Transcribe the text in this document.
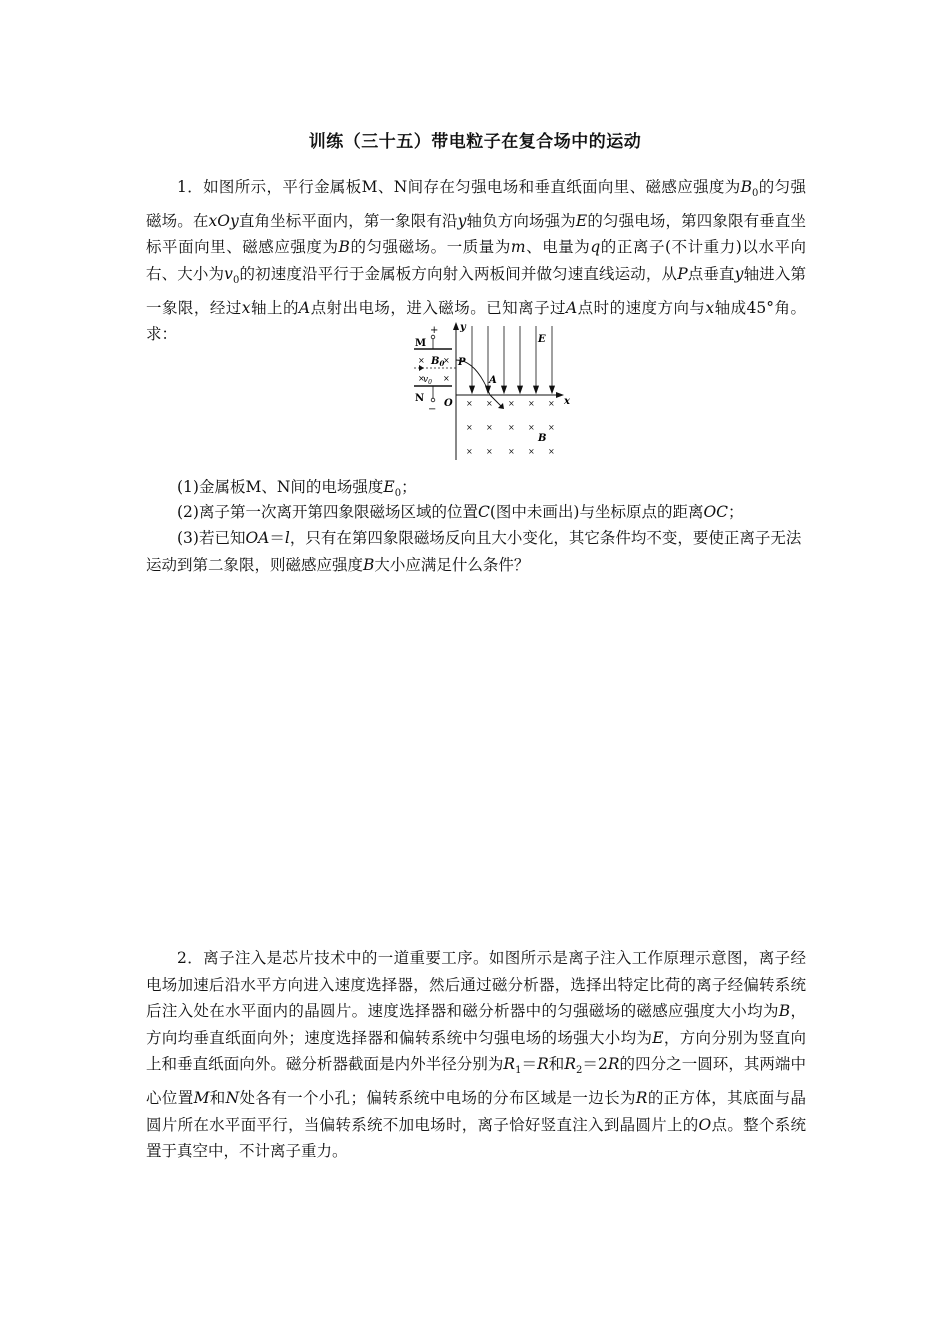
训练（三十五）带电粒子在复合场中的运动
1．如图所示，平行金属板M、N间存在匀强电场和垂直纸面向里、磁感应强度为$B_0$的匀强磁场。在xOy直角坐标平面内，第一象限有沿y轴负方向场强为E的匀强电场，第四象限有垂直坐标平面向里、磁感应强度为B的匀强磁场。一质量为m、电量为q的正离子(不计重力)以水平向右、大小为$v_0$的初速度沿平行于金属板方向射入两板间并做匀速直线运动，从P点垂直y轴进入第一象限，经过x轴上的A点射出电场，进入磁场。已知离子过A点时的速度方向与x轴成45°角。求：	+
−
M
N
× ×
× ×
$B_0$
$v_0$
y
x
O
P
E
A
B
× × × × ×
× × × × ×
× × × × ×
(1)金属板M、N间的电场强度$E_0$；
(2)离子第一次离开第四象限磁场区域的位置C(图中未画出)与坐标原点的距离OC；
(3)若已知OA＝l，只有在第四象限磁场反向且大小变化，其它条件均不变，要使正离子无法运动到第二象限，则磁感应强度B大小应满足什么条件？
2．离子注入是芯片技术中的一道重要工序。如图所示是离子注入工作原理示意图，离子经电场加速后沿水平方向进入速度选择器，然后通过磁分析器，选择出特定比荷的离子经偏转系统后注入处在水平面内的晶圆片。速度选择器和磁分析器中的匀强磁场的磁感应强度大小均为B，方向均垂直纸面向外；速度选择器和偏转系统中匀强电场的场强大小均为E，方向分别为竖直向上和垂直纸面向外。磁分析器截面是内外半径分别为$R_1=R$和$R_2=2R$的四分之一圆环，其两端中心位置M和N处各有一个小孔；偏转系统中电场的分布区域是一边长为R的正方体，其底面与晶圆片所在水平面平行，当偏转系统不加电场时，离子恰好竖直注入到晶圆片上的O点。整个系统置于真空中，不计离子重力。
